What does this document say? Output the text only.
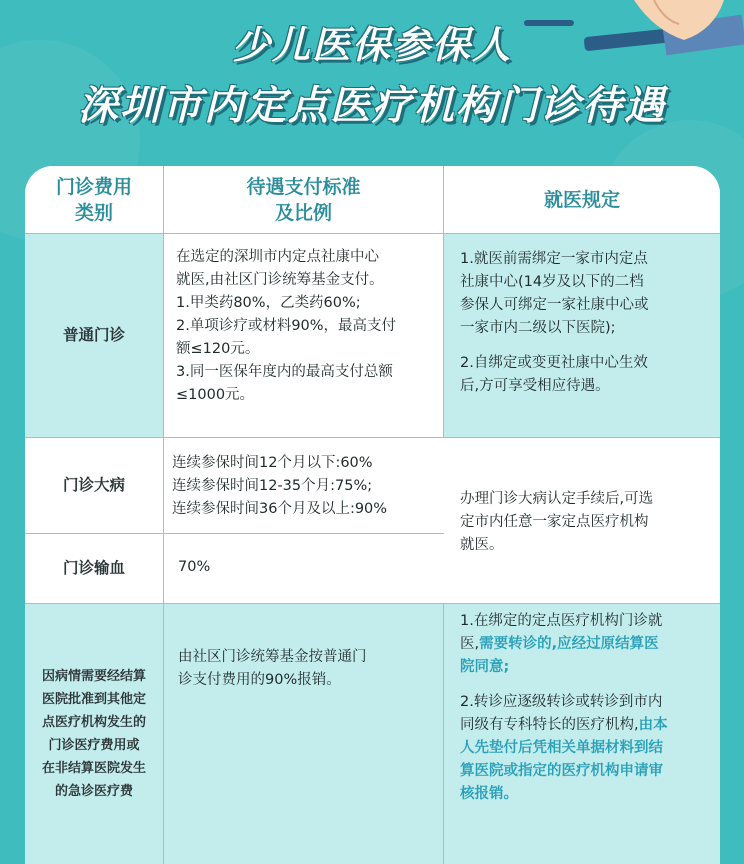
少儿医保参保人
深圳市内定点医疗机构门诊待遇
门诊费用
类别
待遇支付标准
及比例
就医规定
普通门诊
在选定的深圳市内定点社康中心
就医,由社区门诊统筹基金支付。
1.甲类药80%，乙类药60%;
2.单项诊疗或材料90%，最高支付
额≤120元。
3.同一医保年度内的最高支付总额
≤1000元。
1.就医前需绑定一家市内定点
社康中心(14岁及以下的二档
参保人可绑定一家社康中心或
一家市内二级以下医院);
2.自绑定或变更社康中心生效
后,方可享受相应待遇。
门诊大病
连续参保时间12个月以下:60%
连续参保时间12-35个月:75%;
连续参保时间36个月及以上:90%
门诊输血	70%
办理门诊大病认定手续后,可选
定市内任意一家定点医疗机构
就医。
因病情需要经结算
医院批准到其他定
点医疗机构发生的
门诊医疗费用或
在非结算医院发生
的急诊医疗费
由社区门诊统筹基金按普通门
诊支付费用的90%报销。
1.在绑定的定点医疗机构门诊就
医,需要转诊的,应经过原结算医
院同意;
2.转诊应逐级转诊或转诊到市内
同级有专科特长的医疗机构,由本
人先垫付后凭相关单据材料到结
算医院或指定的医疗机构申请审
核报销。
